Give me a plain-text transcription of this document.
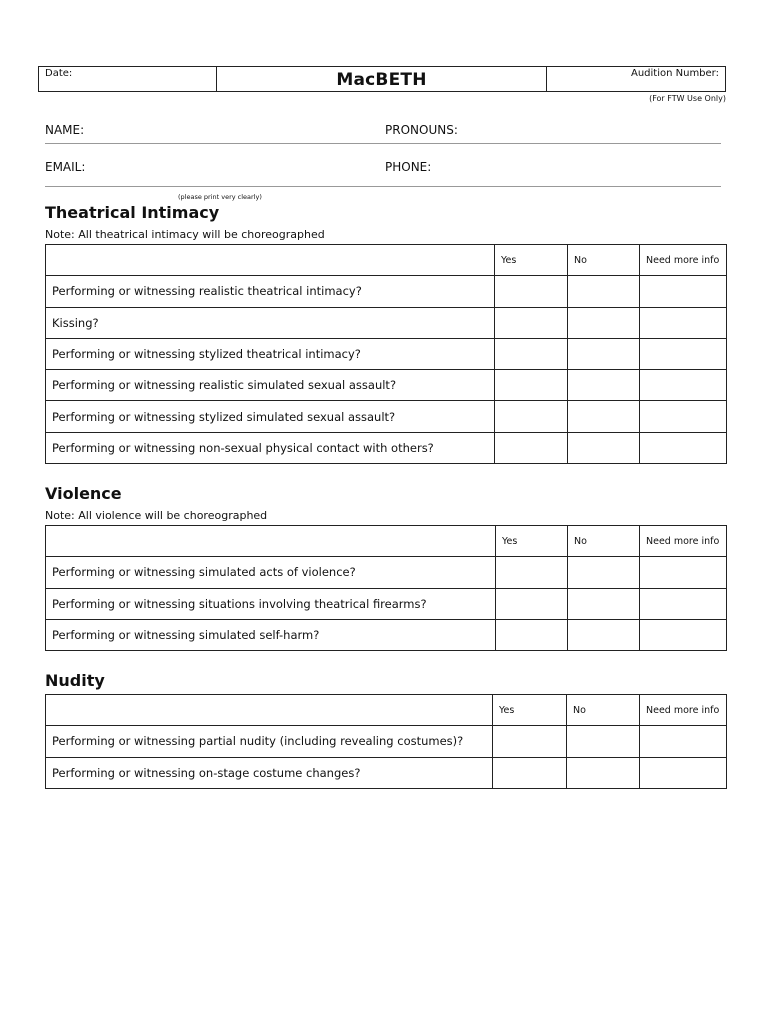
Date:	MacBETH	Audition Number:
(For FTW Use Only)
NAME:	PRONOUNS:
EMAIL:	PHONE:
(please print very clearly)
Theatrical Intimacy
Note: All theatrical intimacy will be choreographed
	Yes	No	Need more info
Performing or witnessing realistic theatrical intimacy?			
Kissing?			
Performing or witnessing stylized theatrical intimacy?			
Performing or witnessing realistic simulated sexual assault?			
Performing or witnessing stylized simulated sexual assault?			
Performing or witnessing non-sexual physical contact with others?			
Violence
Note: All violence will be choreographed
	Yes	No	Need more info
Performing or witnessing simulated acts of violence?			
Performing or witnessing situations involving theatrical firearms?			
Performing or witnessing simulated self-harm?			
Nudity
	Yes	No	Need more info
Performing or witnessing partial nudity (including revealing costumes)?			
Performing or witnessing on-stage costume changes?			
